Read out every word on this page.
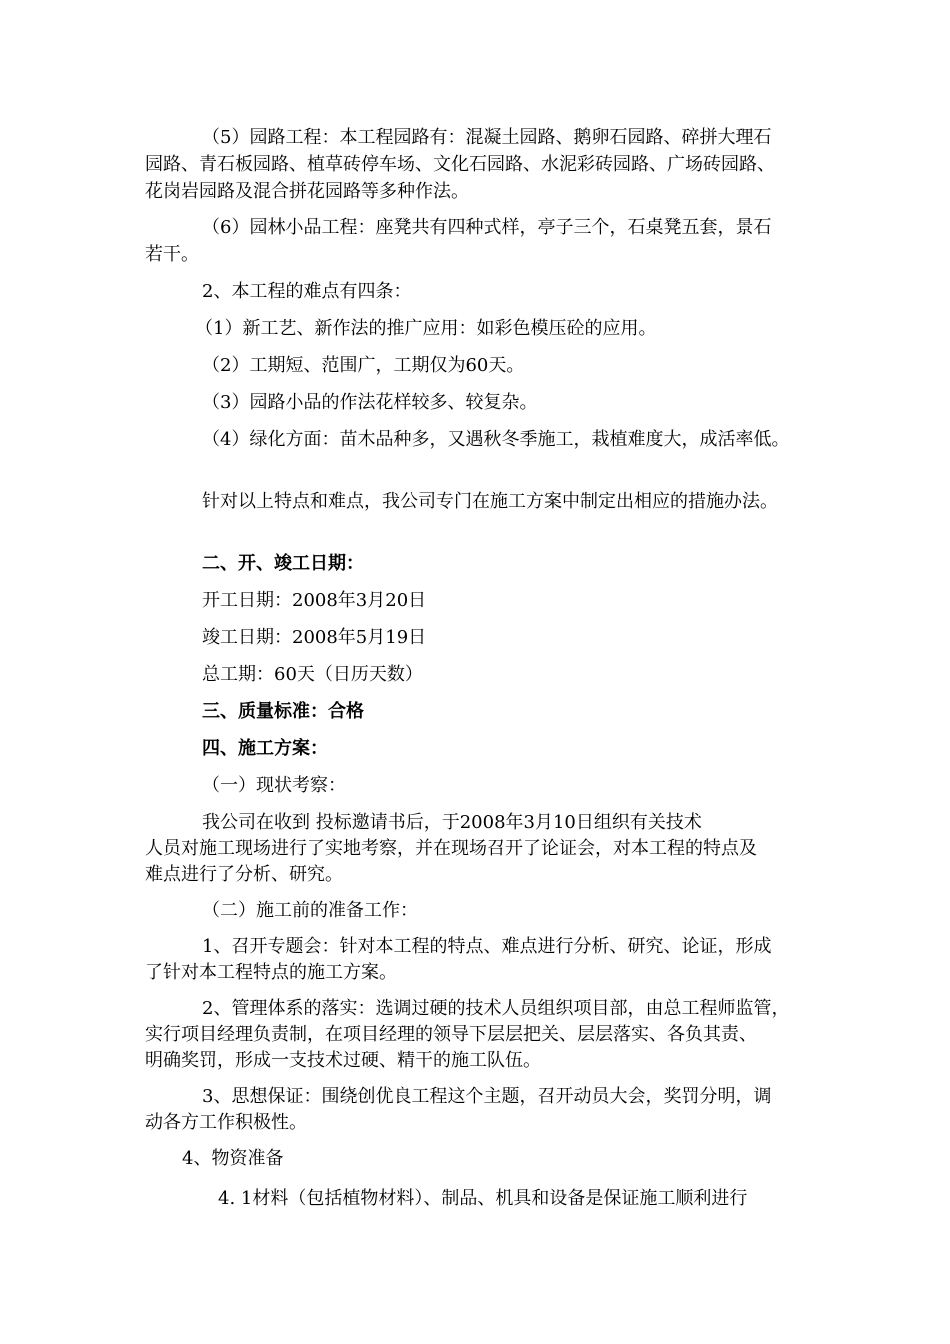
（5）园路工程：本工程园路有：混凝土园路、鹅卵石园路、碎拼大理石
园路、青石板园路、植草砖停车场、文化石园路、水泥彩砖园路、广场砖园路、
花岗岩园路及混合拼花园路等多种作法。
（6）园林小品工程：座凳共有四种式样，亭子三个，石桌凳五套，景石
若干。
2、本工程的难点有四条：
（1）新工艺、新作法的推广应用：如彩色模压砼的应用。
（2）工期短、范围广，工期仅为60天。
（3）园路小品的作法花样较多、较复杂。
（4）绿化方面：苗木品种多，又遇秋冬季施工，栽植难度大，成活率低。
针对以上特点和难点，我公司专门在施工方案中制定出相应的措施办法。
二、开、竣工日期：
开工日期：2008年3月20日
竣工日期：2008年5月19日
总工期：60天（日历天数）
三、质量标准：合格
四、施工方案：
（一）现状考察：
我公司在收到 投标邀请书后，于2008年3月10日组织有关技术
人员对施工现场进行了实地考察，并在现场召开了论证会，对本工程的特点及
难点进行了分析、研究。
（二）施工前的准备工作：
1、召开专题会：针对本工程的特点、难点进行分析、研究、论证，形成
了针对本工程特点的施工方案。
2、管理体系的落实：选调过硬的技术人员组织项目部，由总工程师监管，
实行项目经理负责制，在项目经理的领导下层层把关、层层落实、各负其责、
明确奖罚，形成一支技术过硬、精干的施工队伍。
3、思想保证：围绕创优良工程这个主题，召开动员大会，奖罚分明，调
动各方工作积极性。
4、物资准备
4. 1材料（包括植物材料）、制品、机具和设备是保证施工顺利进行
